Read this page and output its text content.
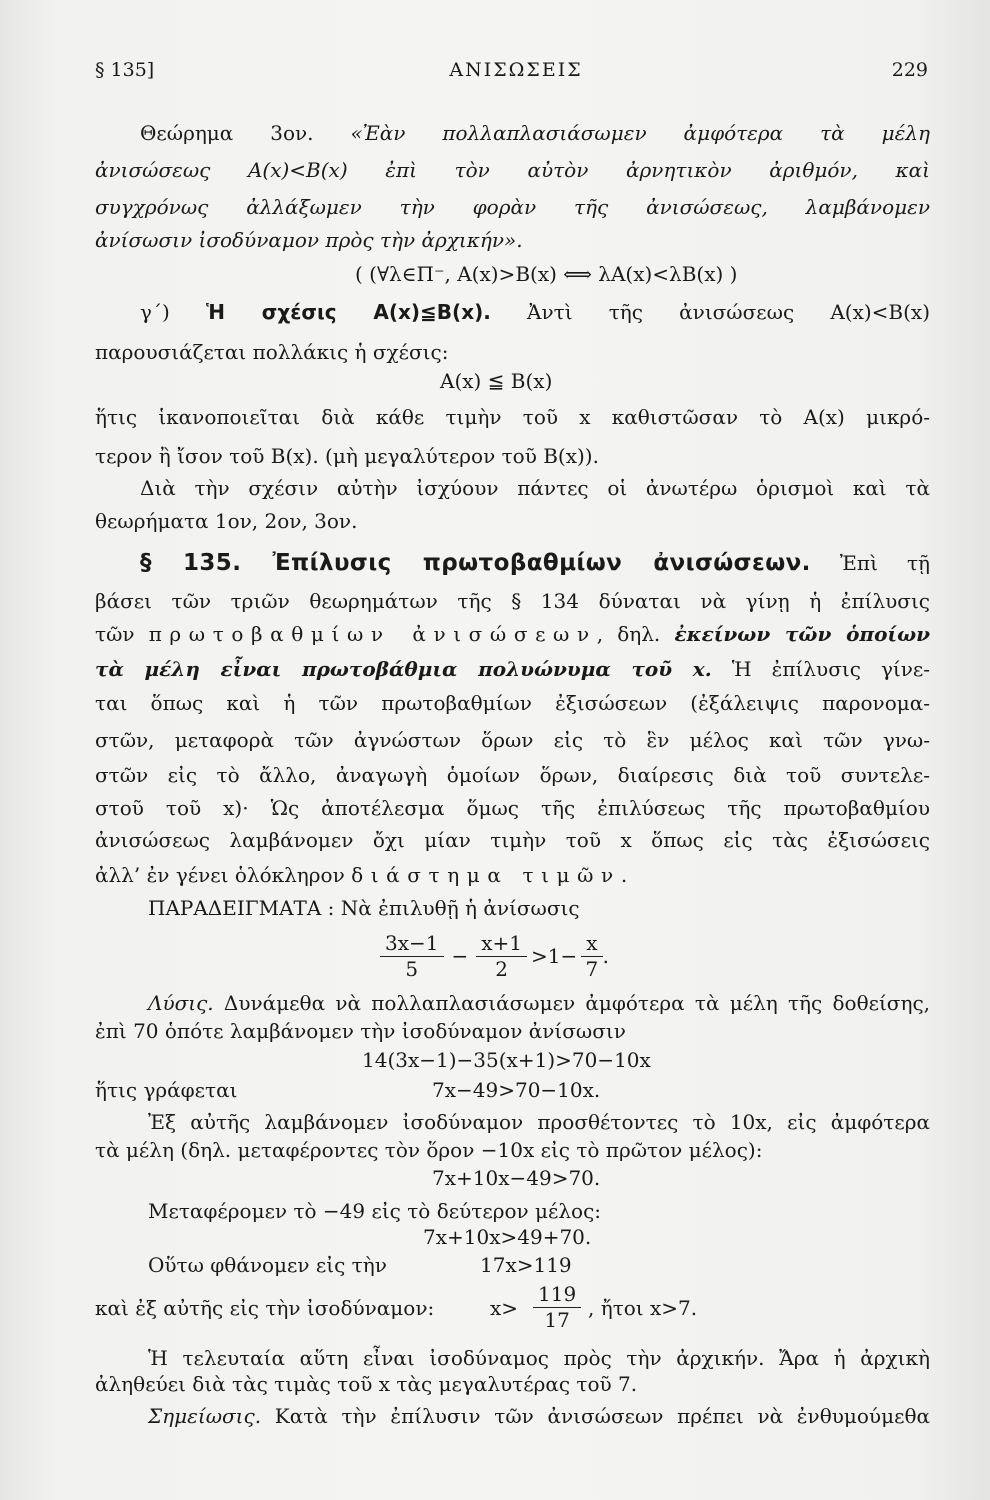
§ 135]	ΑΝΙΣΩΣΕΙΣ	229
Θεώρημα 3ον. «Ἐὰν πολλαπλασιάσωμεν ἀμφότερα τὰ μέλη
ἀνισώσεως A(x)<B(x) ἐπὶ τὸν αὐτὸν ἀρνητικὸν ἀριθμόν, καὶ
συγχρόνως ἀλλάξωμεν τὴν φορὰν τῆς ἀνισώσεως, λαμβάνομεν
ἀνίσωσιν ἰσοδύναμον πρὸς τὴν ἀρχικήν».
( (∀λ∈Π⁻, A(x)>B(x) ⟺ λA(x)<λB(x) )
γ΄) Ἡ σχέσις A(x)≦B(x). Ἀντὶ τῆς ἀνισώσεως A(x)<B(x)
παρουσιάζεται πολλάκις ἡ σχέσις:
A(x) ≦ B(x)
ἥτις ἱκανοποιεῖται διὰ κάθε τιμὴν τοῦ x καθιστῶσαν τὸ A(x) μικρό-
τερον ἢ ἴσον τοῦ B(x). (μὴ μεγαλύτερον τοῦ B(x)).
Διὰ τὴν σχέσιν αὐτὴν ἰσχύουν πάντες οἱ ἀνωτέρω ὁρισμοὶ καὶ τὰ
θεωρήματα 1ον, 2ον, 3ον.
§ 135. Ἐπίλυσις πρωτοβαθμίων ἀνισώσεων. Ἐπὶ τῇ
βάσει τῶν τριῶν θεωρημάτων τῆς § 134 δύναται νὰ γίνῃ ἡ ἐπίλυσις
τῶν πρωτοβαθμίων ἀνισώσεων, δηλ. ἐκείνων τῶν ὁποίων
τὰ μέλη εἶναι πρωτοβάθμια πολυώνυμα τοῦ x. Ἡ ἐπίλυσις γίνε-
ται ὅπως καὶ ἡ τῶν πρωτοβαθμίων ἐξισώσεων (ἐξάλειψις παρονομα-
στῶν, μεταφορὰ τῶν ἀγνώστων ὅρων εἰς τὸ ἓν μέλος καὶ τῶν γνω-
στῶν εἰς τὸ ἄλλο, ἀναγωγὴ ὁμοίων ὅρων, διαίρεσις διὰ τοῦ συντελε-
στοῦ τοῦ x)· Ὡς ἀποτέλεσμα ὅμως τῆς ἐπιλύσεως τῆς πρωτοβαθμίου
ἀνισώσεως λαμβάνομεν ὄχι μίαν τιμὴν τοῦ x ὅπως εἰς τὰς ἐξισώσεις
ἀλλ’ ἐν γένει ὁλόκληρον διάστημα τιμῶν.
ΠΑΡΑΔΕΙΓΜΑΤΑ : Νὰ ἐπιλυθῇ ἡ ἀνίσωσις
$\frac{3x-1}{5} - \frac{x+1}{2} >1- \frac{x}{7}$ .
Λύσις. Δυνάμεθα νὰ πολλαπλασιάσωμεν ἀμφότερα τὰ μέλη τῆς δοθείσης,
ἐπὶ 70 ὁπότε λαμβάνομεν τὴν ἰσοδύναμον ἀνίσωσιν
14(3x−1)−35(x+1)>70−10x
ἥτις γράφεται	7x−49>70−10x.
Ἐξ αὐτῆς λαμβάνομεν ἰσοδύναμον προσθέτοντες τὸ 10x, εἰς ἀμφότερα
τὰ μέλη (δηλ. μεταφέροντες τὸν ὅρον −10x εἰς τὸ πρῶτον μέλος):
7x+10x−49>70.
Μεταφέρομεν τὸ −49 εἰς τὸ δεύτερον μέλος:
7x+10x>49+70.
Οὕτω φθάνομεν εἰς τὴν	17x>119
καὶ ἐξ αὐτῆς εἰς τὴν ἰσοδύναμον:	$x> \frac{119}{17}$ , ἤτοι x>7.
Ἡ τελευταία αὕτη εἶναι ἰσοδύναμος πρὸς τὴν ἀρχικήν. Ἄρα ἡ ἀρχικὴ
ἀληθεύει διὰ τὰς τιμὰς τοῦ x τὰς μεγαλυτέρας τοῦ 7.
Σημείωσις. Κατὰ τὴν ἐπίλυσιν τῶν ἀνισώσεων πρέπει νὰ ἐνθυμούμεθα
